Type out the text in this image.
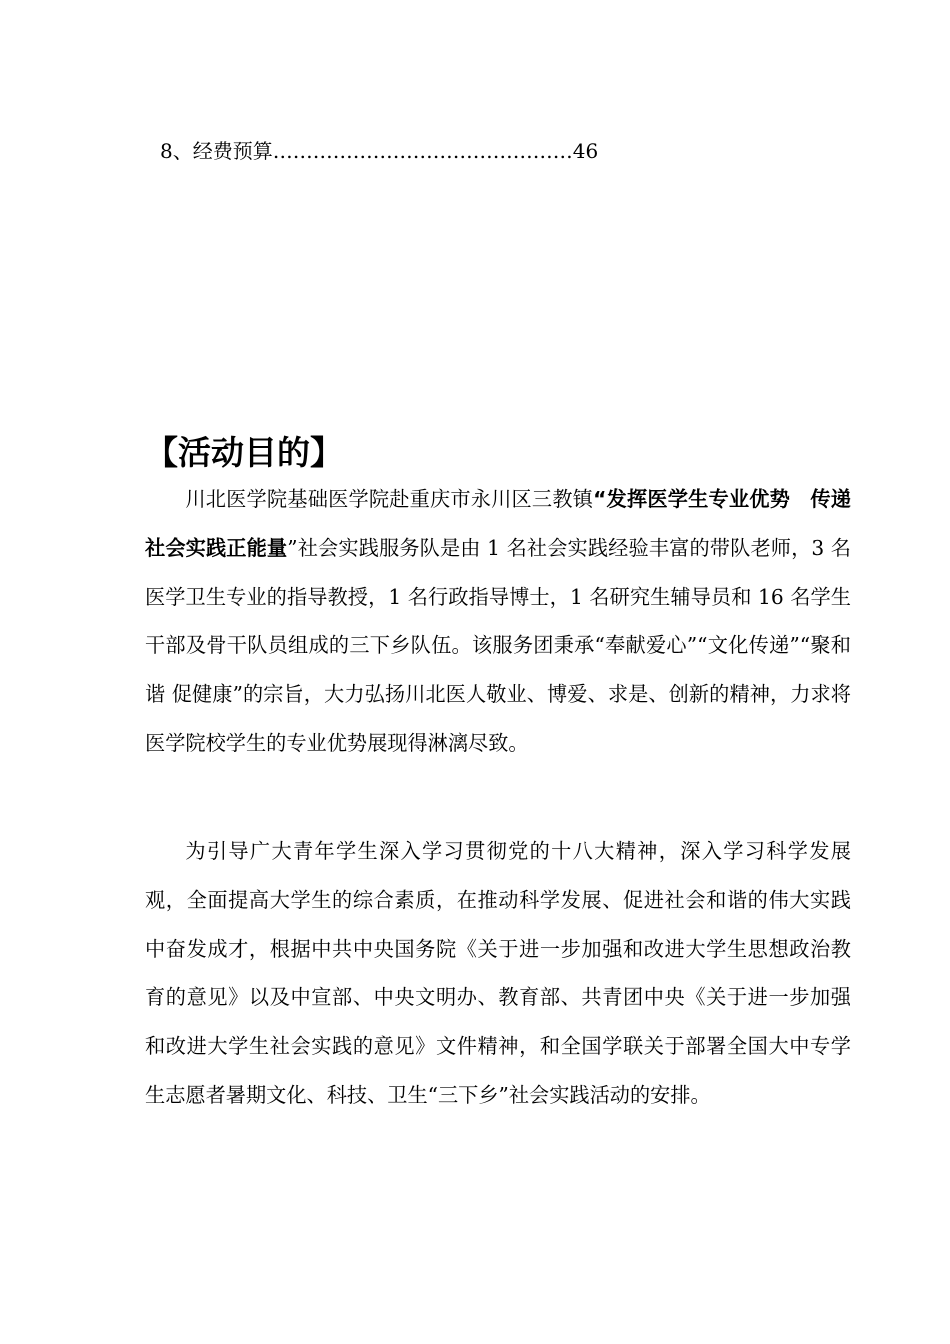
8、经费预算………………………………………46
【活动目的】

川北医学院基础医学院赴重庆市永川区三教镇“发挥医学生专业优势　传递社会实践正能量”社会实践服务队是由 1 名社会实践经验丰富的带队老师，3 名医学卫生专业的指导教授，1 名行政指导博士，1 名研究生辅导员和 16 名学生干部及骨干队员组成的三下乡队伍。该服务团秉承“奉献爱心”“文化传递”“聚和谐 促健康”的宗旨，大力弘扬川北医人敬业、博爱、求是、创新的精神，力求将医学院校学生的专业优势展现得淋漓尽致。

为引导广大青年学生深入学习贯彻党的十八大精神，深入学习科学发展观，全面提高大学生的综合素质，在推动科学发展、促进社会和谐的伟大实践中奋发成才，根据中共中央国务院《关于进一步加强和改进大学生思想政治教育的意见》以及中宣部、中央文明办、教育部、共青团中央《关于进一步加强和改进大学生社会实践的意见》文件精神，和全国学联关于部署全国大中专学生志愿者暑期文化、科技、卫生“三下乡”社会实践活动的安排。
